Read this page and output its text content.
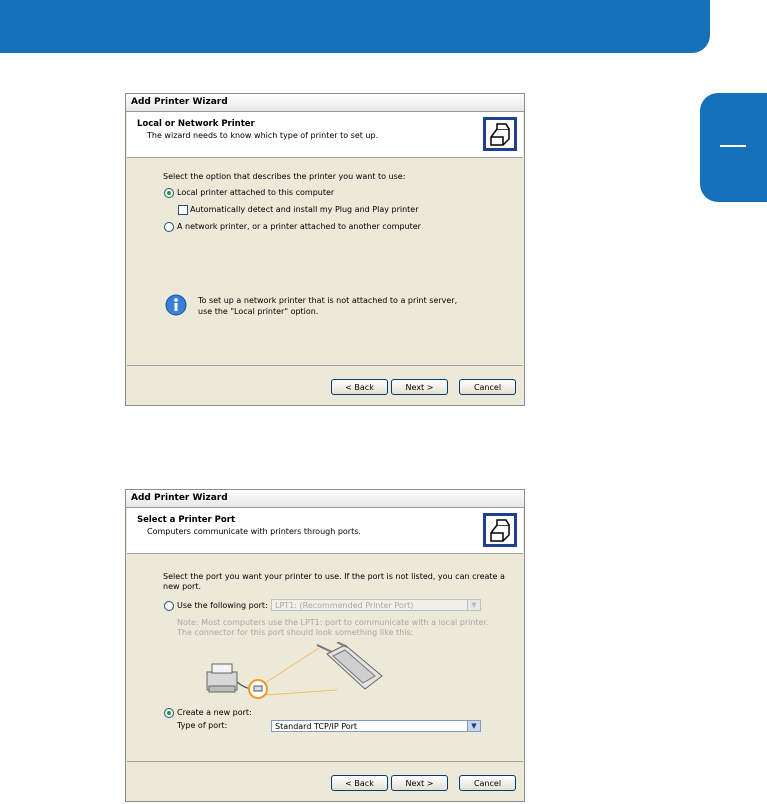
Add Printer Wizard
Local or Network Printer
The wizard needs to know which type of printer to set up.
Select the option that describes the printer you want to use:
Local printer attached to this computer
Automatically detect and install my Plug and Play printer
A network printer, or a printer attached to another computer
To set up a network printer that is not attached to a print server,
use the "Local printer" option.
< Back	Next >	Cancel
Add Printer Wizard
Select a Printer Port
Computers communicate with printers through ports.
Select the port you want your printer to use. If the port is not listed, you can create a
new port.
Use the following port: LPT1: (Recommended Printer Port)	▼
Note: Most computers use the LPT1: port to communicate with a local printer.
The connector for this port should look something like this:
Create a new port:
Type of port:	Standard TCP/IP Port	▼
< Back	Next >	Cancel
